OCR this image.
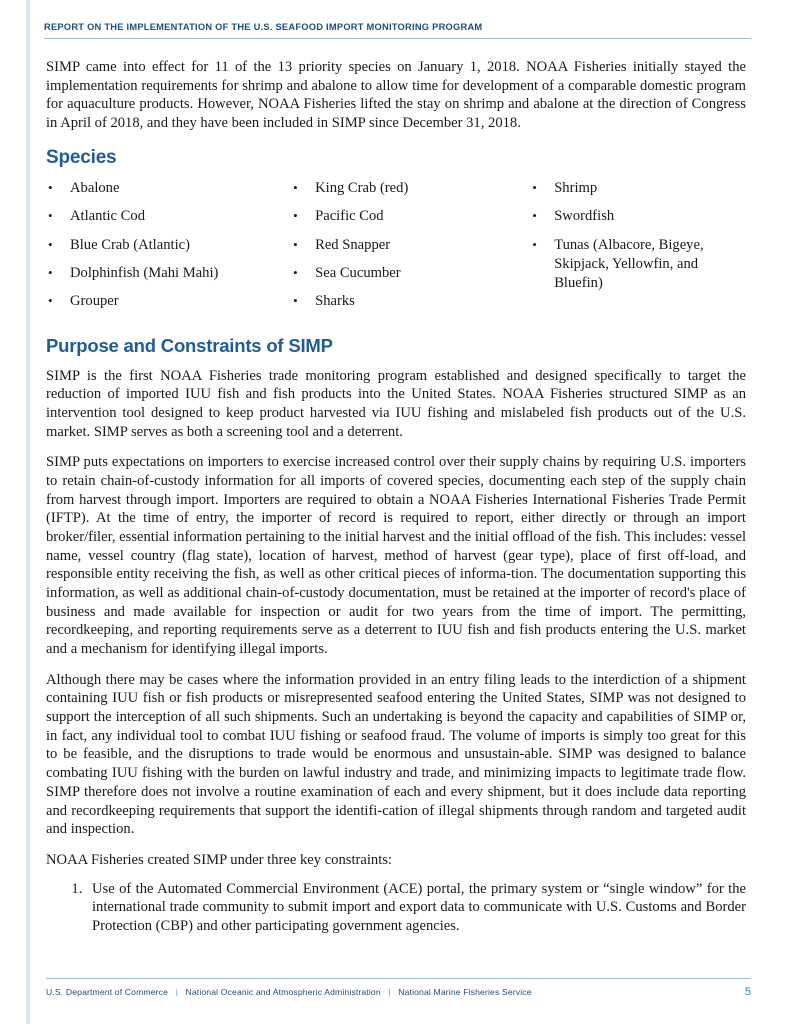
REPORT ON THE IMPLEMENTATION OF THE U.S. SEAFOOD IMPORT MONITORING PROGRAM

SIMP came into effect for 11 of the 13 priority species on January 1, 2018. NOAA Fisheries initially stayed the implementation requirements for shrimp and abalone to allow time for development of a comparable domestic program for aquaculture products. However, NOAA Fisheries lifted the stay on shrimp and abalone at the direction of Congress in April of 2018, and they have been included in SIMP since December 31, 2018.

Species
•	Abalone
•	Atlantic Cod
•	Blue Crab (Atlantic)
•	Dolphinfish (Mahi Mahi)
•	Grouper
•	King Crab (red)
•	Pacific Cod
•	Red Snapper
•	Sea Cucumber
•	Sharks
•	Shrimp
•	Swordfish
•	Tunas (Albacore, Bigeye, Skipjack, Yellowfin, and Bluefin)
Purpose and Constraints of SIMP

SIMP is the first NOAA Fisheries trade monitoring program established and designed specifically to target the reduction of imported IUU fish and fish products into the United States. NOAA Fisheries structured SIMP as an intervention tool designed to keep product harvested via IUU fishing and mislabeled fish products out of the U.S. market. SIMP serves as both a screening tool and a deterrent.

SIMP puts expectations on importers to exercise increased control over their supply chains by requiring U.S. importers to retain chain-of-custody information for all imports of covered species, documenting each step of the supply chain from harvest through import. Importers are required to obtain a NOAA Fisheries International Fisheries Trade Permit (IFTP). At the time of entry, the importer of record is required to report, either directly or through an import broker/filer, essential information pertaining to the initial harvest and the initial offload of the fish. This includes: vessel name, vessel country (flag state), location of harvest, method of harvest (gear type), place of first off-load, and responsible entity receiving the fish, as well as other critical pieces of informa-tion. The documentation supporting this information, as well as additional chain-of-custody documentation, must be retained at the importer of record's place of business and made available for inspection or audit for two years from the time of import. The permitting, recordkeeping, and reporting requirements serve as a deterrent to IUU fish and fish products entering the U.S. market and a mechanism for identifying illegal imports.

Although there may be cases where the information provided in an entry filing leads to the interdiction of a shipment containing IUU fish or fish products or misrepresented seafood entering the United States, SIMP was not designed to support the interception of all such shipments. Such an undertaking is beyond the capacity and capabilities of SIMP or, in fact, any individual tool to combat IUU fishing or seafood fraud. The volume of imports is simply too great for this to be feasible, and the disruptions to trade would be enormous and unsustain-able. SIMP was designed to balance combating IUU fishing with the burden on lawful industry and trade, and minimizing impacts to legitimate trade flow. SIMP therefore does not involve a routine examination of each and every shipment, but it does include data reporting and recordkeeping requirements that support the identifi-cation of illegal shipments through random and targeted audit and inspection.

NOAA Fisheries created SIMP under three key constraints:

1. Use of the Automated Commercial Environment (ACE) portal, the primary system or “single window” for the international trade community to submit import and export data to communicate with U.S. Customs and Border Protection (CBP) and other participating government agencies.
U.S. Department of Commerce | National Oceanic and Atmospheric Administration | National Marine Fisheries Service	5
